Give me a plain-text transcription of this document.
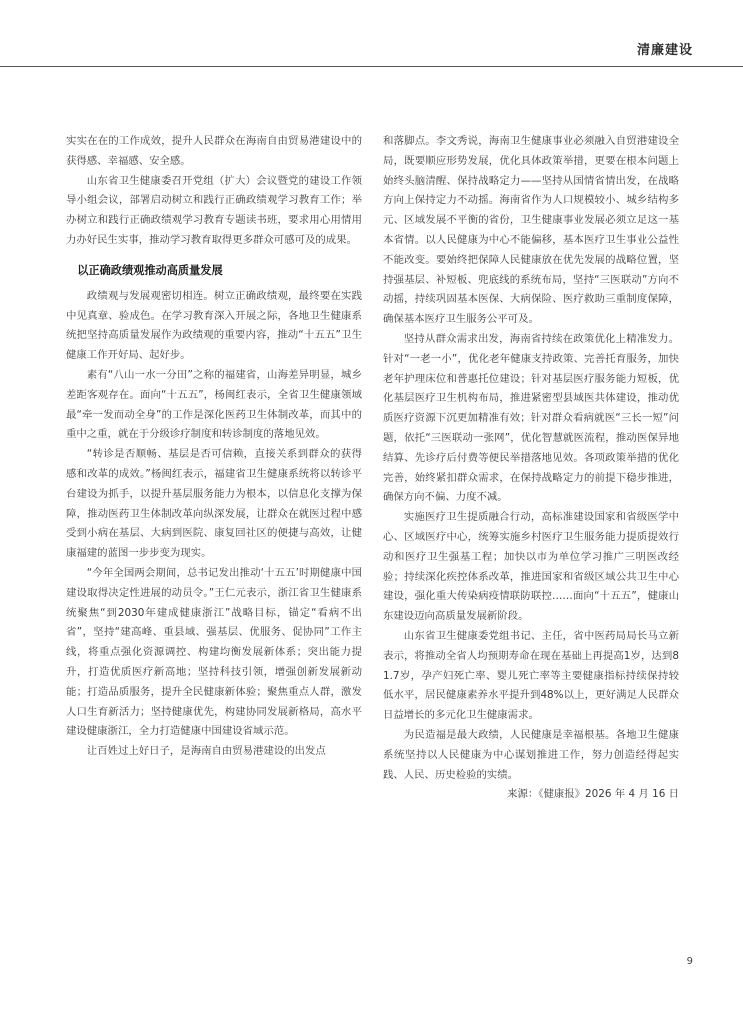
清廉建设

实实在在的工作成效，提升人民群众在海南自由贸易港建设中的获得感、幸福感、安全感。

山东省卫生健康委召开党组（扩大）会议暨党的建设工作领导小组会议，部署启动树立和践行正确政绩观学习教育工作；举办树立和践行正确政绩观学习教育专题读书班，要求用心用情用力办好民生实事，推动学习教育取得更多群众可感可及的成果。

以正确政绩观推动高质量发展

政绩观与发展观密切相连。树立正确政绩观，最终要在实践中见真章、验成色。在学习教育深入开展之际，各地卫生健康系统把坚持高质量发展作为政绩观的重要内容，推动“十五五”卫生健康工作开好局、起好步。

素有“八山一水一分田”之称的福建省，山海差异明显，城乡差距客观存在。面向“十五五”，杨闽红表示，全省卫生健康领域最“牵一发而动全身”的工作是深化医药卫生体制改革，而其中的重中之重，就在于分级诊疗制度和转诊制度的落地见效。

“转诊是否顺畅、基层是否可信赖，直接关系到群众的获得感和改革的成效。”杨闽红表示，福建省卫生健康系统将以转诊平台建设为抓手，以提升基层服务能力为根本，以信息化支撑为保障，推动医药卫生体制改革向纵深发展，让群众在就医过程中感受到小病在基层、大病到医院、康复回社区的便捷与高效，让健康福建的蓝图一步步变为现实。

“今年全国两会期间，总书记发出推动‘十五五’时期健康中国建设取得决定性进展的动员令。”王仁元表示，浙江省卫生健康系统聚焦“到2030年建成健康浙江”战略目标，锚定“看病不出省”，坚持“建高峰、重县域、强基层、优服务、促协同”工作主线，将重点强化资源调控、构建均衡发展新体系；突出能力提升，打造优质医疗新高地；坚持科技引领，增强创新发展新动能；打造品质服务，提升全民健康新体验；聚焦重点人群，激发人口生育新活力；坚持健康优先，构建协同发展新格局，高水平建设健康浙江，全力打造健康中国建设省域示范。

让百姓过上好日子，是海南自由贸易港建设的出发点

和落脚点。李文秀说，海南卫生健康事业必须融入自贸港建设全局，既要顺应形势发展，优化具体政策举措，更要在根本问题上始终头脑清醒、保持战略定力——坚持从国情省情出发，在战略方向上保持定力不动摇。海南省作为人口规模较小、城乡结构多元、区域发展不平衡的省份，卫生健康事业发展必须立足这一基本省情。以人民健康为中心不能偏移，基本医疗卫生事业公益性不能改变。要始终把保障人民健康放在优先发展的战略位置，坚持强基层、补短板、兜底线的系统布局，坚持“三医联动”方向不动摇，持续巩固基本医保、大病保险、医疗救助三重制度保障，确保基本医疗卫生服务公平可及。

坚持从群众需求出发，海南省持续在政策优化上精准发力。针对“一老一小”，优化老年健康支持政策、完善托育服务，加快老年护理床位和普惠托位建设；针对基层医疗服务能力短板，优化基层医疗卫生机构布局，推进紧密型县域医共体建设，推动优质医疗资源下沉更加精准有效；针对群众看病就医“三长一短”问题，依托“三医联动一张网”，优化智慧就医流程，推动医保异地结算、先诊疗后付费等便民举措落地见效。各项政策举措的优化完善，始终紧扣群众需求，在保持战略定力的前提下稳步推进，确保方向不偏、力度不减。

实施医疗卫生提质融合行动，高标准建设国家和省级医学中心、区域医疗中心，统筹实施乡村医疗卫生服务能力提质提效行动和医疗卫生强基工程；加快以市为单位学习推广三明医改经验；持续深化疾控体系改革，推进国家和省级区域公共卫生中心建设，强化重大传染病疫情联防联控……面向“十五五”，健康山东建设迈向高质量发展新阶段。

山东省卫生健康委党组书记、主任，省中医药局局长马立新表示，将推动全省人均预期寿命在现在基础上再提高1岁，达到81.7岁，孕产妇死亡率、婴儿死亡率等主要健康指标持续保持较低水平，居民健康素养水平提升到48%以上，更好满足人民群众日益增长的多元化卫生健康需求。

为民造福是最大政绩，人民健康是幸福根基。各地卫生健康系统坚持以人民健康为中心谋划推进工作，努力创造经得起实践、人民、历史检验的实绩。

来源：《健康报》2026 年 4 月 16 日

9
